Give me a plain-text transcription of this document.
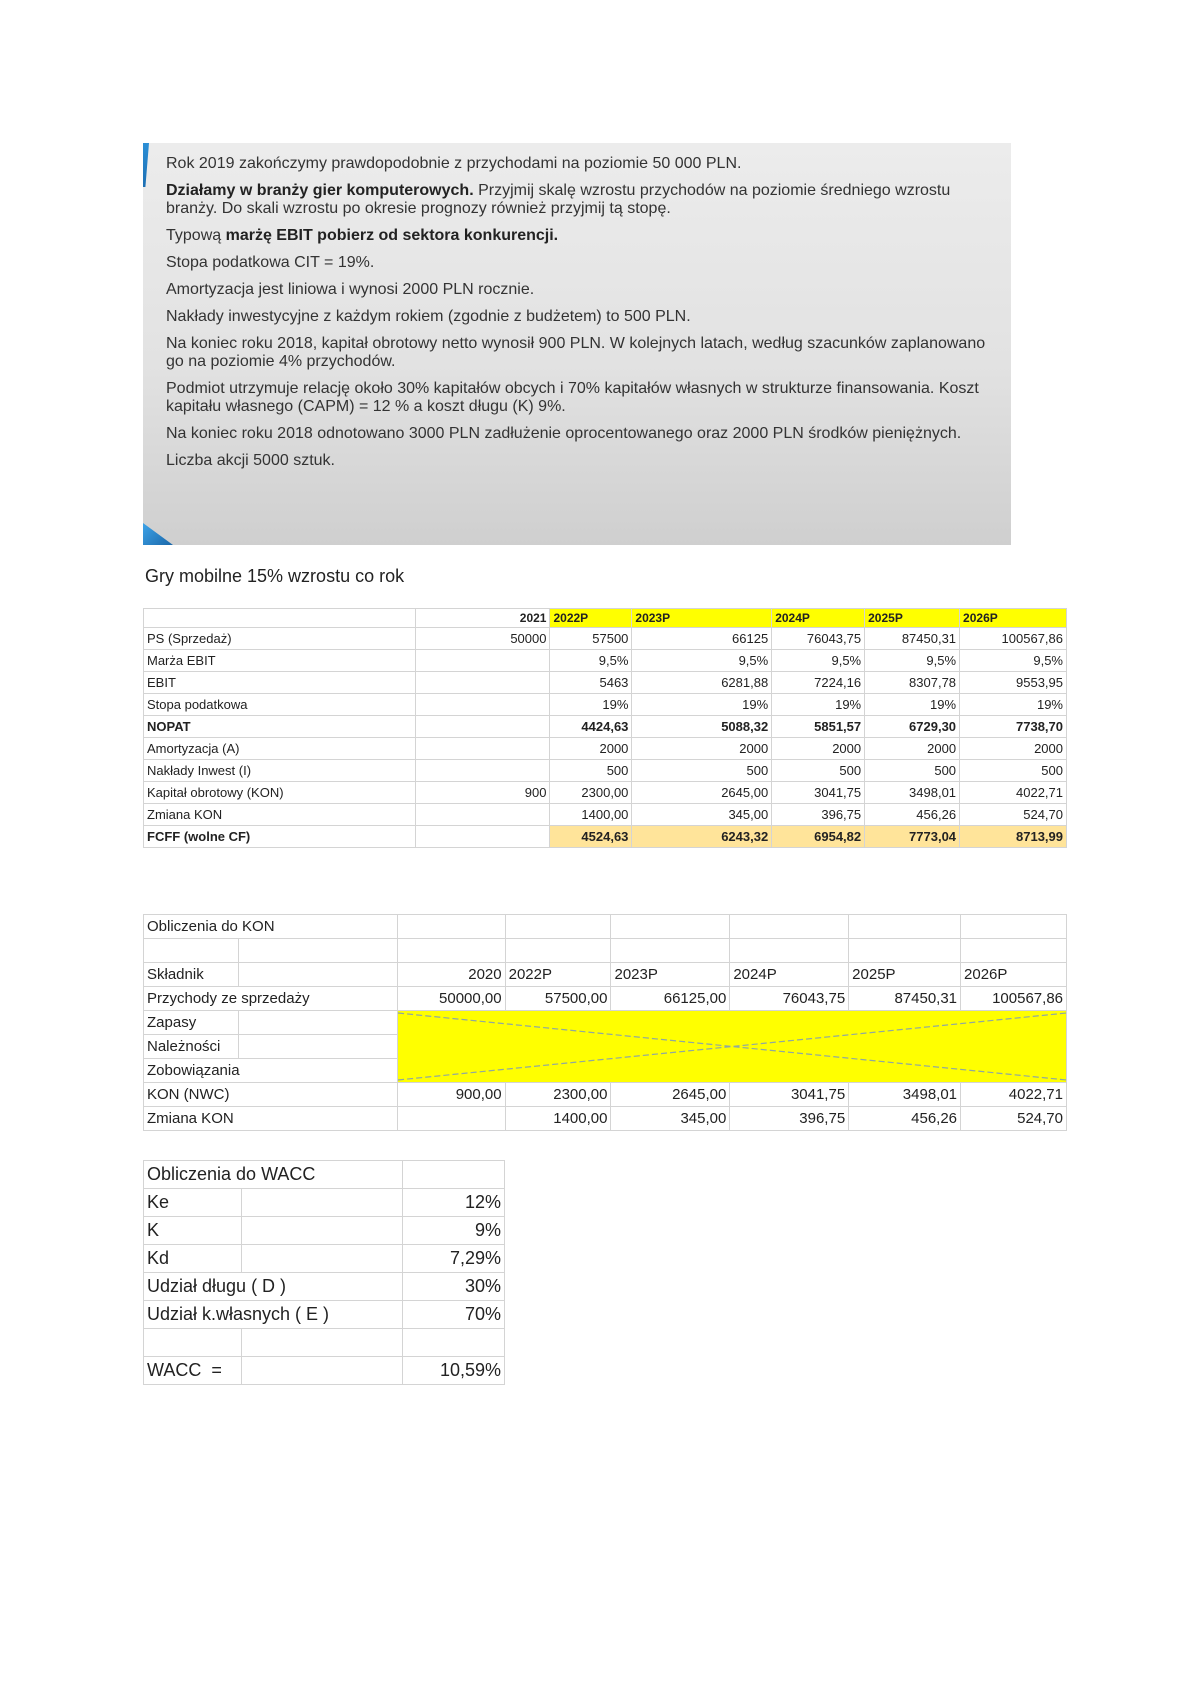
Rok 2019 zakończymy prawdopodobnie z przychodami na poziomie 50 000 PLN.

Działamy w branży gier komputerowych. Przyjmij skalę wzrostu przychodów na poziomie średniego wzrostu branży. Do skali wzrostu po okresie prognozy również przyjmij tą stopę.

Typową marżę EBIT pobierz od sektora konkurencji.

Stopa podatkowa CIT = 19%.

Amortyzacja jest liniowa i wynosi 2000 PLN rocznie.

Nakłady inwestycyjne z każdym rokiem (zgodnie z budżetem) to 500 PLN.

Na koniec roku 2018, kapitał obrotowy netto wynosił 900 PLN. W kolejnych latach, według szacunków zaplanowano go na poziomie 4% przychodów.

Podmiot utrzymuje relację około 30% kapitałów obcych i 70% kapitałów własnych w strukturze finansowania. Koszt kapitału własnego (CAPM) = 12 % a koszt długu (K) 9%.

Na koniec roku 2018 odnotowano 3000 PLN zadłużenie oprocentowanego oraz 2000 PLN środków pieniężnych.

Liczba akcji 5000 sztuk.

Gry mobilne 15% wzrostu co rok
	2021	2022P	2023P	2024P	2025P	2026P
PS (Sprzedaż)	50000	57500	66125	76043,75	87450,31	100567,86
Marża EBIT		9,5%	9,5%	9,5%	9,5%	9,5%
EBIT		5463	6281,88	7224,16	8307,78	9553,95
Stopa podatkowa		19%	19%	19%	19%	19%
NOPAT		4424,63	5088,32	5851,57	6729,30	7738,70
Amortyzacja (A)		2000	2000	2000	2000	2000
Nakłady Inwest (I)		500	500	500	500	500
Kapitał obrotowy (KON)	900	2300,00	2645,00	3041,75	3498,01	4022,71
Zmiana KON		1400,00	345,00	396,75	456,26	524,70
FCFF (wolne CF)		4524,63	6243,32	6954,82	7773,04	8713,99
Obliczenia do KON							

Składnik		2020	2022P	2023P	2024P	2025P	2026P
Przychody ze sprzedaży		50000,00	57500,00	66125,00	76043,75	87450,31	100567,86
Zapasy		

Należności							
Zobowiązania							
KON (NWC)		900,00	2300,00	2645,00	3041,75	3498,01	4022,71
Zmiana KON			1400,00	345,00	396,75	456,26	524,70
Obliczenia do WACC		
Ke		12%
K		9%
Kd		7,29%
Udział długu ( D )		30%
Udział k.własnych ( E )		70%

WACC  =		10,59%
